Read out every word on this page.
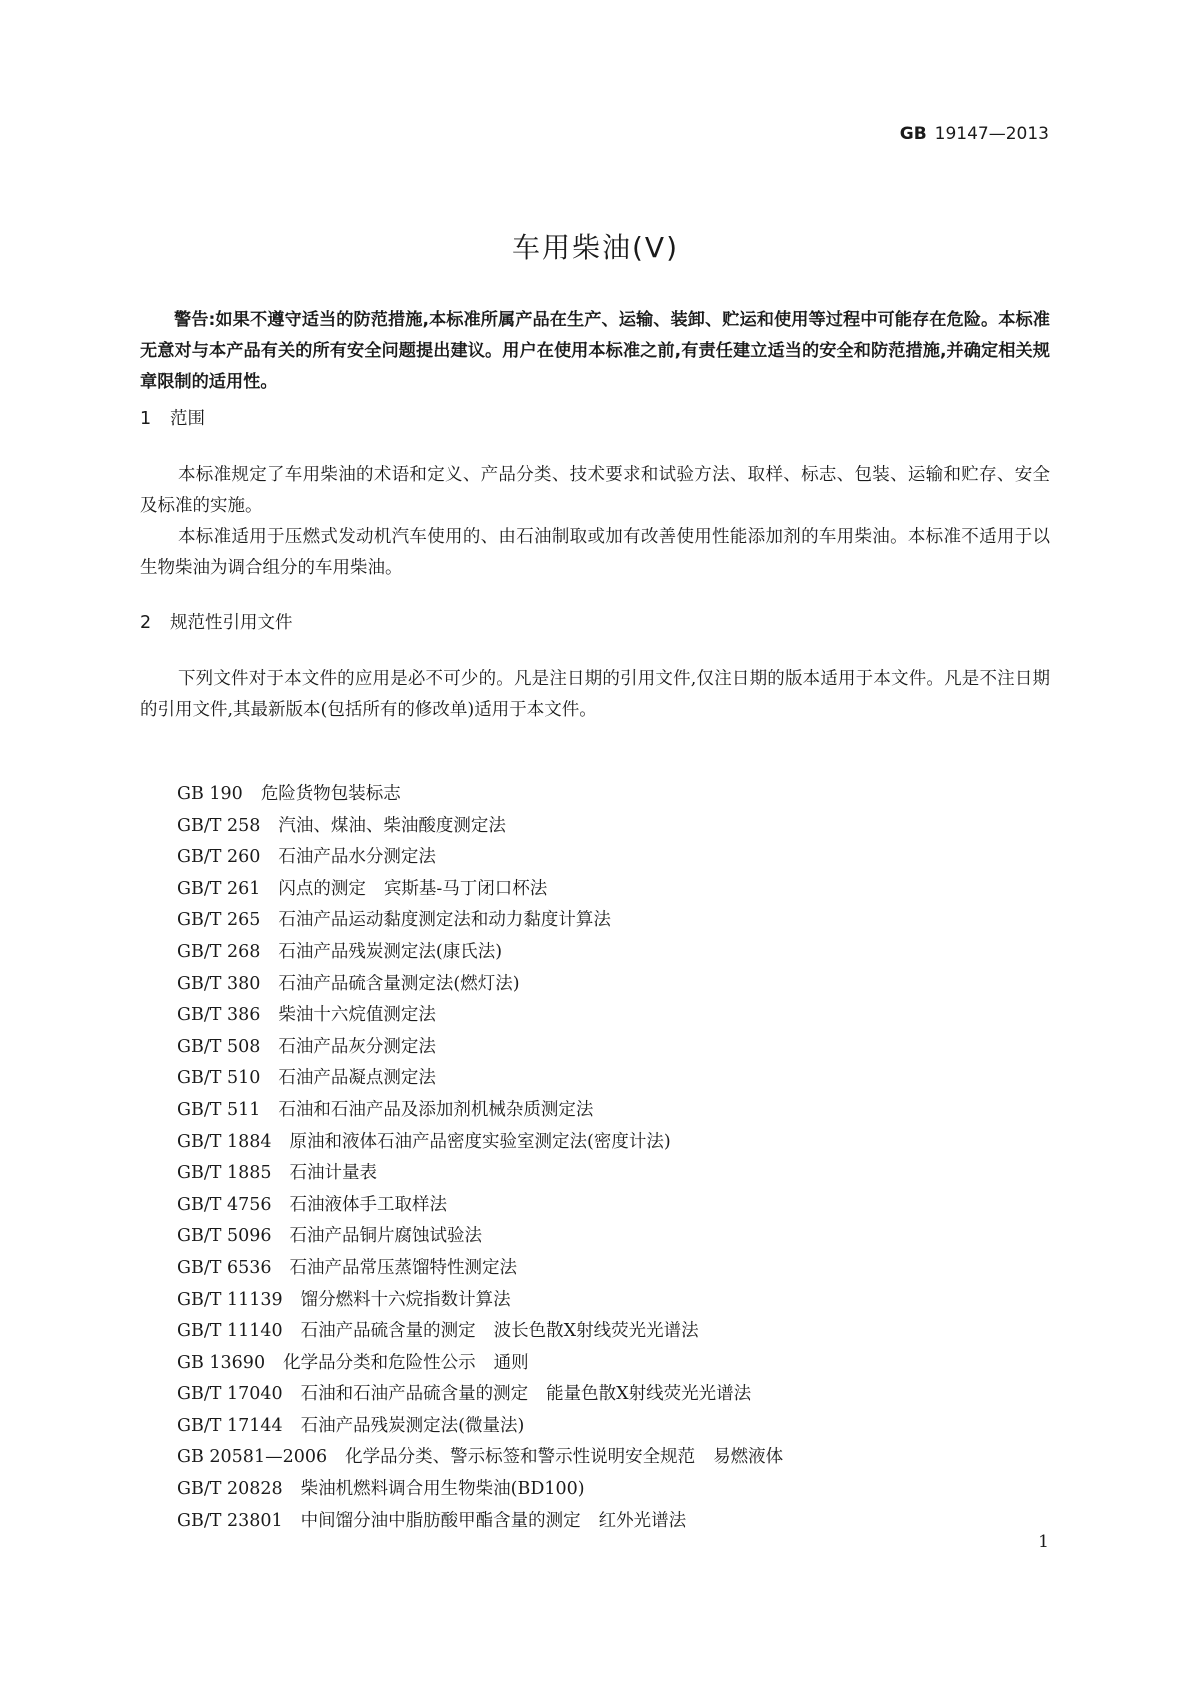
GB 19147—2013
车用柴油(Ⅴ)

警告:如果不遵守适当的防范措施,本标准所属产品在生产、运输、装卸、贮运和使用等过程中可能存在危险。本标准无意对与本产品有关的所有安全问题提出建议。用户在使用本标准之前,有责任建立适当的安全和防范措施,并确定相关规章限制的适用性。

1 范围

本标准规定了车用柴油的术语和定义、产品分类、技术要求和试验方法、取样、标志、包装、运输和贮存、安全及标准的实施。

本标准适用于压燃式发动机汽车使用的、由石油制取或加有改善使用性能添加剂的车用柴油。本标准不适用于以生物柴油为调合组分的车用柴油。

2 规范性引用文件

下列文件对于本文件的应用是必不可少的。凡是注日期的引用文件,仅注日期的版本适用于本文件。凡是不注日期的引用文件,其最新版本(包括所有的修改单)适用于本文件。

GB 190 危险货物包装标志
GB/T 258 汽油、煤油、柴油酸度测定法
GB/T 260 石油产品水分测定法
GB/T 261 闪点的测定 宾斯基-马丁闭口杯法
GB/T 265 石油产品运动黏度测定法和动力黏度计算法
GB/T 268 石油产品残炭测定法(康氏法)
GB/T 380 石油产品硫含量测定法(燃灯法)
GB/T 386 柴油十六烷值测定法
GB/T 508 石油产品灰分测定法
GB/T 510 石油产品凝点测定法
GB/T 511 石油和石油产品及添加剂机械杂质测定法
GB/T 1884 原油和液体石油产品密度实验室测定法(密度计法)
GB/T 1885 石油计量表
GB/T 4756 石油液体手工取样法
GB/T 5096 石油产品铜片腐蚀试验法
GB/T 6536 石油产品常压蒸馏特性测定法
GB/T 11139 馏分燃料十六烷指数计算法
GB/T 11140 石油产品硫含量的测定 波长色散X射线荧光光谱法
GB 13690 化学品分类和危险性公示 通则
GB/T 17040 石油和石油产品硫含量的测定 能量色散X射线荧光光谱法
GB/T 17144 石油产品残炭测定法(微量法)
GB 20581—2006 化学品分类、警示标签和警示性说明安全规范 易燃液体
GB/T 20828 柴油机燃料调合用生物柴油(BD100)
GB/T 23801 中间馏分油中脂肪酸甲酯含量的测定 红外光谱法
1
